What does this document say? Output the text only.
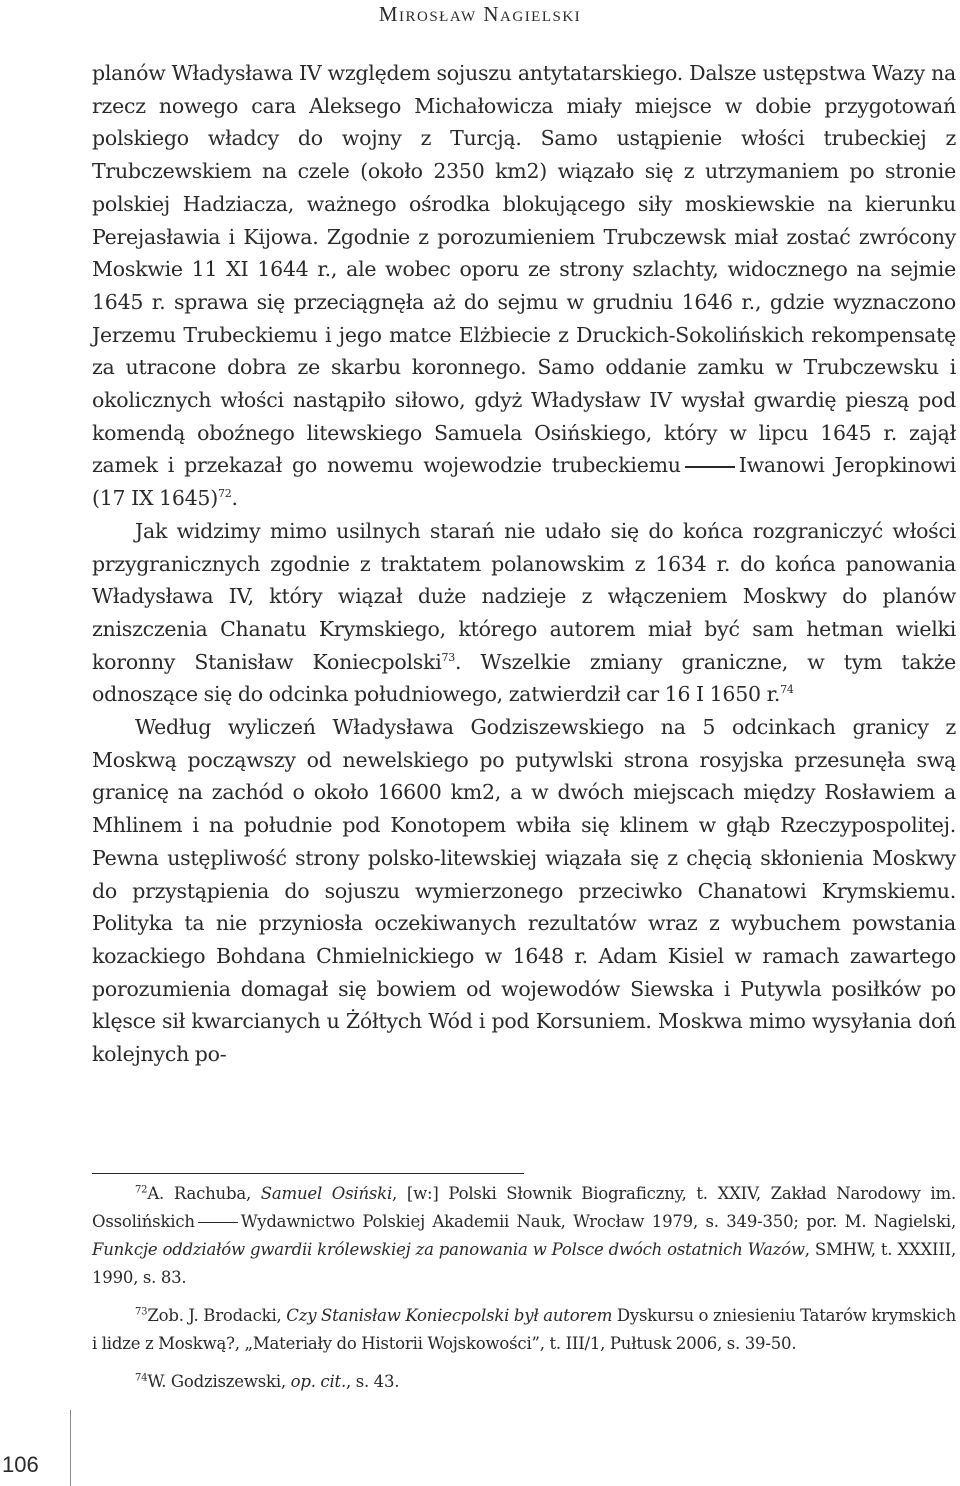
Mirosław Nagielski

planów Władysława IV względem sojuszu antytatarskiego. Dalsze ustępstwa Wazy na rzecz nowego cara Aleksego Michałowicza miały miejsce w dobie przygotowań polskiego władcy do wojny z Turcją. Samo ustąpienie włości trubeckiej z Trubczewskiem na czele (około 2350 km2) wiązało się z utrzymaniem po stronie polskiej Hadziacza, ważnego ośrodka blokującego siły moskiewskie na kierunku Perejasławia i Kijowa. Zgodnie z porozumieniem Trubczewsk miał zostać zwrócony Moskwie 11 XI 1644 r., ale wobec oporu ze strony szlachty, widocznego na sejmie 1645 r. sprawa się przeciągnęła aż do sejmu w grudniu 1646 r., gdzie wyznaczono Jerzemu Trubeckiemu i jego matce Elżbiecie z Druckich-Sokolińskich rekompensatę za utracone dobra ze skarbu koronnego. Samo oddanie zamku w Trubczewsku i okolicznych włości nastąpiło siłowo, gdyż Władysław IV wysłał gwardię pieszą pod komendą oboźnego litewskiego Samuela Osińskiego, który w lipcu 1645 r. zajął zamek i przekazał go nowemu wojewodzie trubeckiemu	Iwanowi Jeropkinowi (17 IX 1645)$^{72}$.

Jak widzimy mimo usilnych starań nie udało się do końca rozgraniczyć włości przygranicznych zgodnie z traktatem polanowskim z 1634 r. do końca panowania Władysława IV, który wiązał duże nadzieje z włączeniem Moskwy do planów zniszczenia Chanatu Krymskiego, którego autorem miał być sam hetman wielki koronny Stanisław Koniecpolski$^{73}$. Wszelkie zmiany graniczne, w tym także odnoszące się do odcinka południowego, zatwierdził car 16 I 1650 r.$^{74}$

Według wyliczeń Władysława Godziszewskiego na 5 odcinkach granicy z Moskwą począwszy od newelskiego po putywlski strona rosyjska przesunęła swą granicę na zachód o około 16600 km2, a w dwóch miejscach między Rosławiem a Mhlinem i na południe pod Konotopem wbiła się klinem w głąb Rzeczypospolitej. Pewna ustępliwość strony polsko-litewskiej wiązała się z chęcią skłonienia Moskwy do przystąpienia do sojuszu wymierzonego przeciwko Chanatowi Krymskiemu. Polityka ta nie przyniosła oczekiwanych rezultatów wraz z wybuchem powstania kozackiego Bohdana Chmielnickiego w 1648 r. Adam Kisiel w ramach zawartego porozumienia domagał się bowiem od wojewodów Siewska i Putywla posiłków po klęsce sił kwarcianych u Żółtych Wód i pod Korsuniem. Moskwa mimo wysyłania doń kolejnych po-

$^{72}$A. Rachuba, Samuel Osiński, [w:] Polski Słownik Biograficzny, t. XXIV, Zakład Narodowy im. Ossolińskich	Wydawnictwo Polskiej Akademii Nauk, Wrocław 1979, s. 349-350; por. M. Nagielski, Funkcje oddziałów gwardii królewskiej za panowania w Polsce dwóch ostatnich Wazów, SMHW, t. XXXIII, 1990, s. 83.

$^{73}$Zob. J. Brodacki, Czy Stanisław Koniecpolski był autorem Dyskursu o zniesieniu Tatarów krymskich i lidze z Moskwą?, „Materiały do Historii Wojskowości”, t. III/1, Pułtusk 2006, s. 39-50.

$^{74}$W. Godziszewski, op. cit., s. 43.

106
